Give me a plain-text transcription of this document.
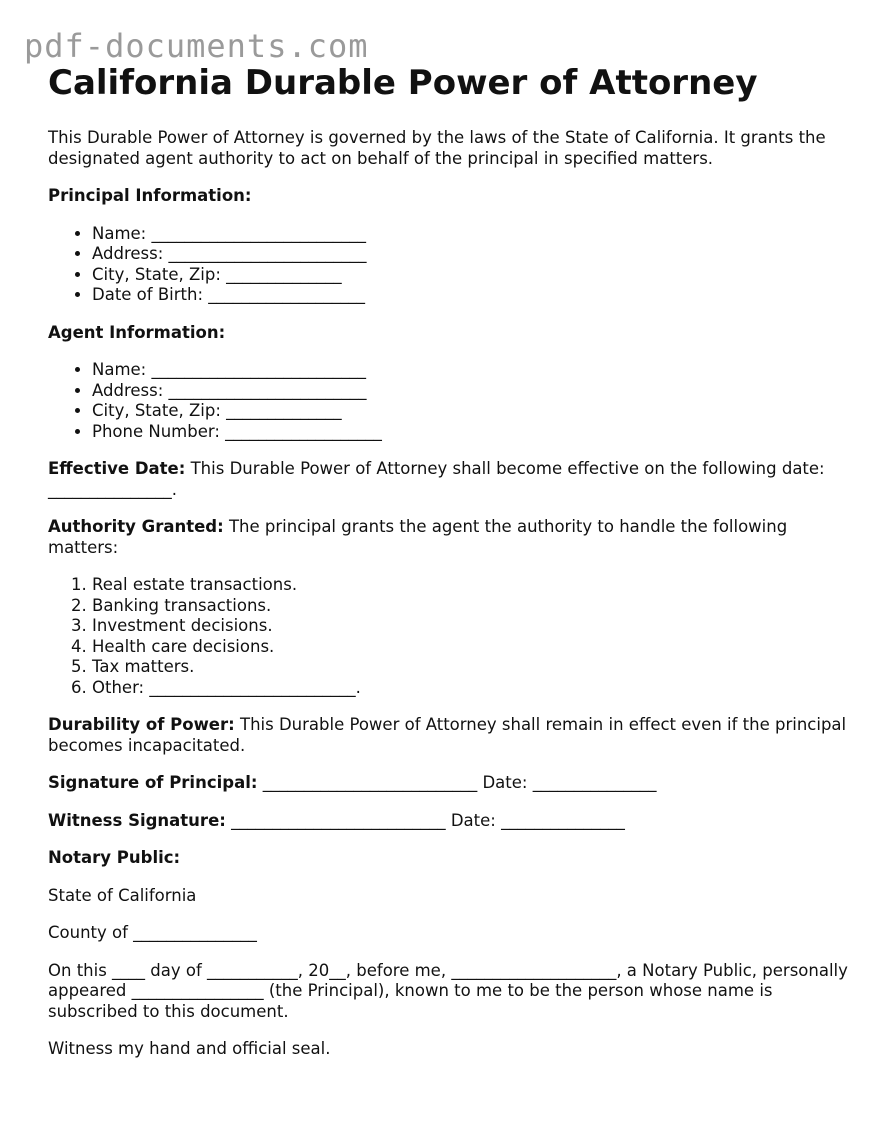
pdf-documents.com
California Durable Power of Attorney

This Durable Power of Attorney is governed by the laws of the State of California. It grants the designated agent authority to act on behalf of the principal in specified matters.

Principal Information:

• Name: __________________________
• Address: ________________________
• City, State, Zip: ______________
• Date of Birth: ___________________

Agent Information:

• Name: __________________________
• Address: ________________________
• City, State, Zip: ______________
• Phone Number: ___________________

Effective Date: This Durable Power of Attorney shall become effective on the following date: _______________.

Authority Granted: The principal grants the agent the authority to handle the following matters:

1. Real estate transactions.
2. Banking transactions.
3. Investment decisions.
4. Health care decisions.
5. Tax matters.
6. Other: _________________________.

Durability of Power: This Durable Power of Attorney shall remain in effect even if the principal becomes incapacitated.

Signature of Principal: __________________________ Date: _______________

Witness Signature: __________________________ Date: _______________

Notary Public:

State of California

County of _______________

On this ____ day of ___________, 20__, before me, ____________________, a Notary Public, personally appeared ________________ (the Principal), known to me to be the person whose name is subscribed to this document.

Witness my hand and official seal.
